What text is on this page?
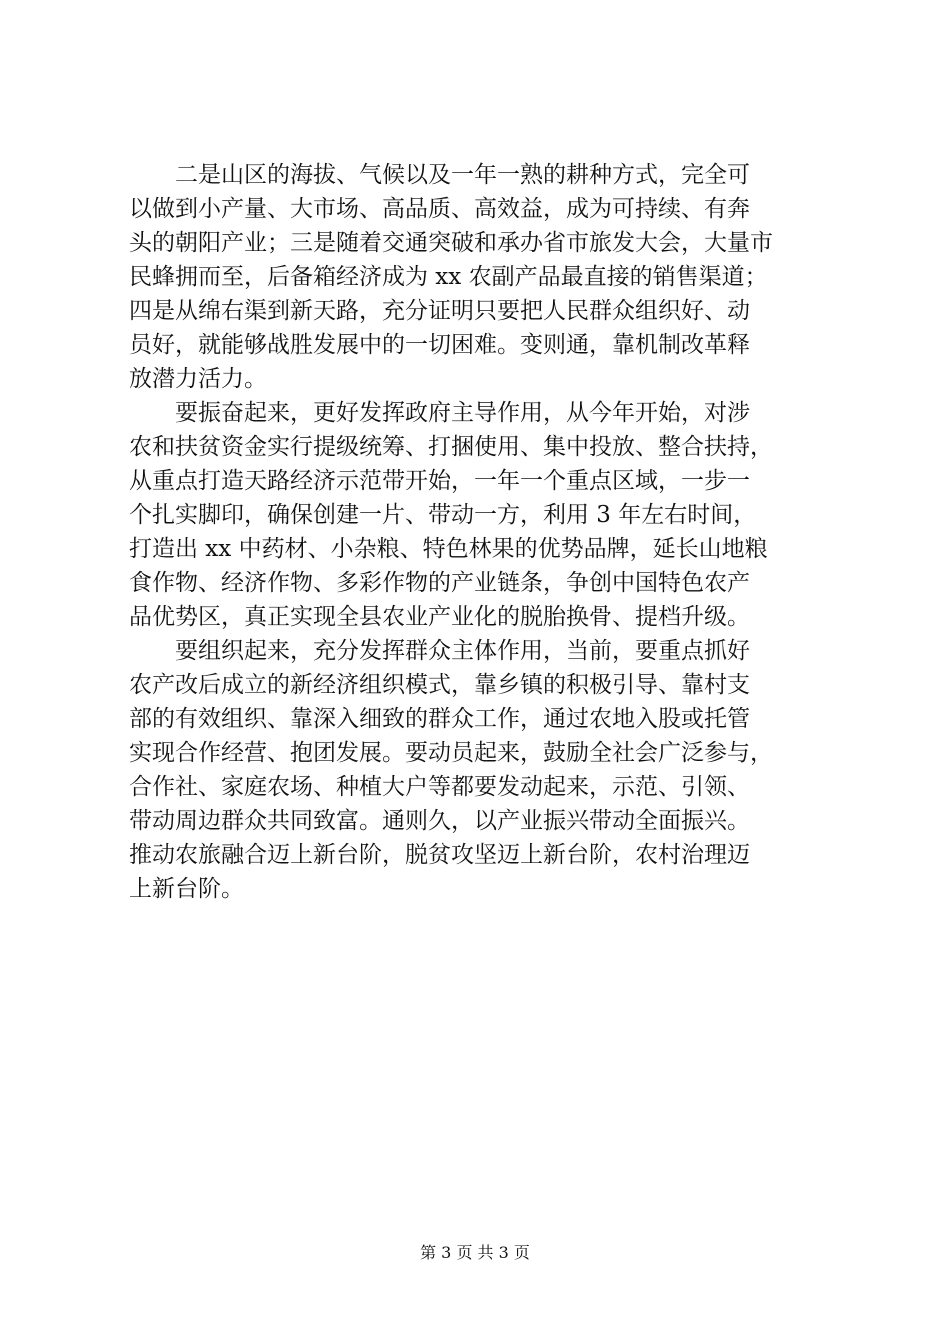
　　二是山区的海拔、气候以及一年一熟的耕种方式，完全可
以做到小产量、大市场、高品质、高效益，成为可持续、有奔
头的朝阳产业；三是随着交通突破和承办省市旅发大会，大量市
民蜂拥而至，后备箱经济成为 xx 农副产品最直接的销售渠道；
四是从绵右渠到新天路，充分证明只要把人民群众组织好、动
员好，就能够战胜发展中的一切困难。变则通，靠机制改革释
放潜力活力。
　　要振奋起来，更好发挥政府主导作用，从今年开始，对涉
农和扶贫资金实行提级统筹、打捆使用、集中投放、整合扶持，
从重点打造天路经济示范带开始，一年一个重点区域，一步一
个扎实脚印，确保创建一片、带动一方，利用 3 年左右时间，
打造出 xx 中药材、小杂粮、特色林果的优势品牌，延长山地粮
食作物、经济作物、多彩作物的产业链条，争创中国特色农产
品优势区，真正实现全县农业产业化的脱胎换骨、提档升级。
　　要组织起来，充分发挥群众主体作用，当前，要重点抓好
农产改后成立的新经济组织模式，靠乡镇的积极引导、靠村支
部的有效组织、靠深入细致的群众工作，通过农地入股或托管
实现合作经营、抱团发展。要动员起来，鼓励全社会广泛参与，
合作社、家庭农场、种植大户等都要发动起来，示范、引领、
带动周边群众共同致富。通则久，以产业振兴带动全面振兴。
推动农旅融合迈上新台阶，脱贫攻坚迈上新台阶，农村治理迈
上新台阶。
第 3 页 共 3 页
